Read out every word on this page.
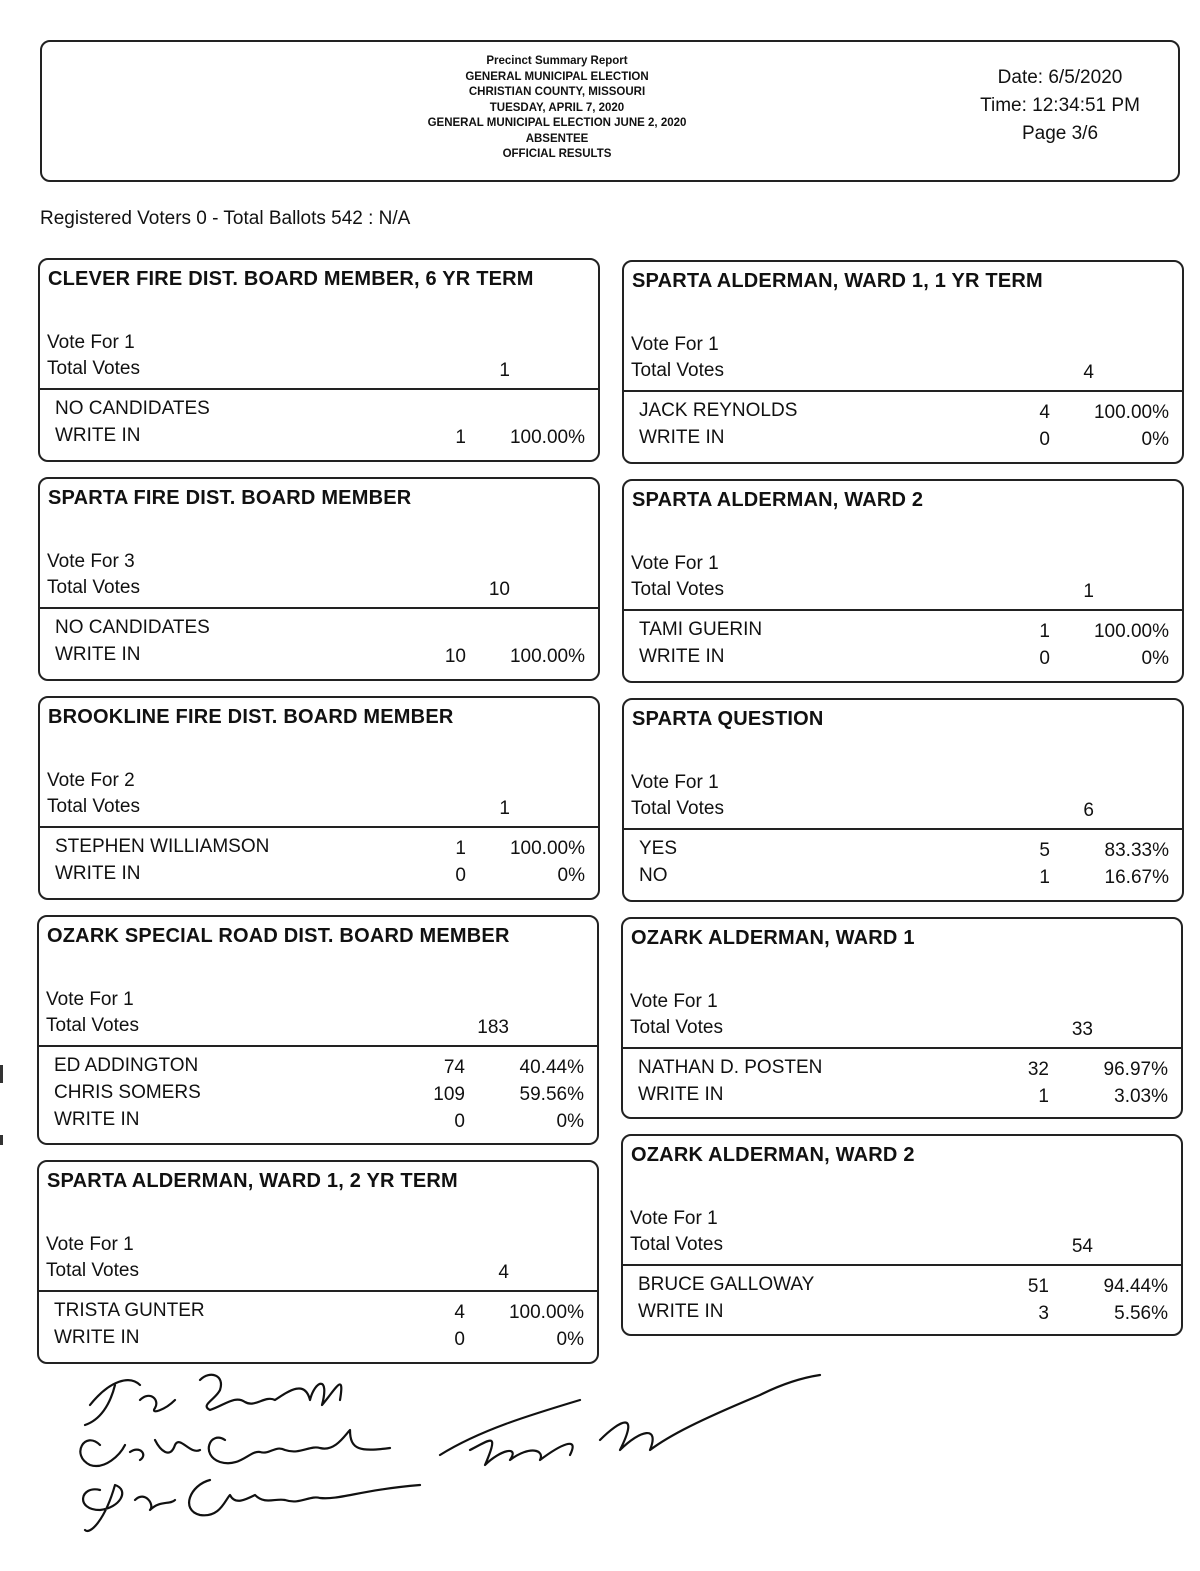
Precinct Summary Report
GENERAL MUNICIPAL ELECTION
CHRISTIAN COUNTY, MISSOURI
TUESDAY, APRIL 7, 2020
GENERAL MUNICIPAL ELECTION JUNE 2, 2020
ABSENTEE
OFFICIAL RESULTS
Date: 6/5/2020
Time: 12:34:51 PM
Page 3/6
Registered Voters 0 - Total Ballots 542 : N/A
CLEVER FIRE DIST. BOARD MEMBER, 6 YR TERM
Vote For 1
Total Votes	1
NO CANDIDATES
WRITE IN	1	100.00%
SPARTA FIRE DIST. BOARD MEMBER
Vote For 3
Total Votes	10
NO CANDIDATES
WRITE IN	10	100.00%
BROOKLINE FIRE DIST. BOARD MEMBER
Vote For 2
Total Votes	1
STEPHEN WILLIAMSON	1	100.00%
WRITE IN	0	0%
OZARK SPECIAL ROAD DIST. BOARD MEMBER
Vote For 1
Total Votes	183
ED ADDINGTON	74	40.44%
CHRIS SOMERS	109	59.56%
WRITE IN	0	0%
SPARTA ALDERMAN, WARD 1, 2 YR TERM
Vote For 1
Total Votes	4
TRISTA GUNTER	4	100.00%
WRITE IN	0	0%
SPARTA ALDERMAN, WARD 1, 1 YR TERM
Vote For 1
Total Votes	4
JACK REYNOLDS	4	100.00%
WRITE IN	0	0%
SPARTA ALDERMAN, WARD 2
Vote For 1
Total Votes	1
TAMI GUERIN	1	100.00%
WRITE IN	0	0%
SPARTA QUESTION
Vote For 1
Total Votes	6
YES	5	83.33%
NO	1	16.67%
OZARK ALDERMAN, WARD 1
Vote For 1
Total Votes	33
NATHAN D. POSTEN	32	96.97%
WRITE IN	1	3.03%
OZARK ALDERMAN, WARD 2
Vote For 1
Total Votes	54
BRUCE GALLOWAY	51	94.44%
WRITE IN	3	5.56%
